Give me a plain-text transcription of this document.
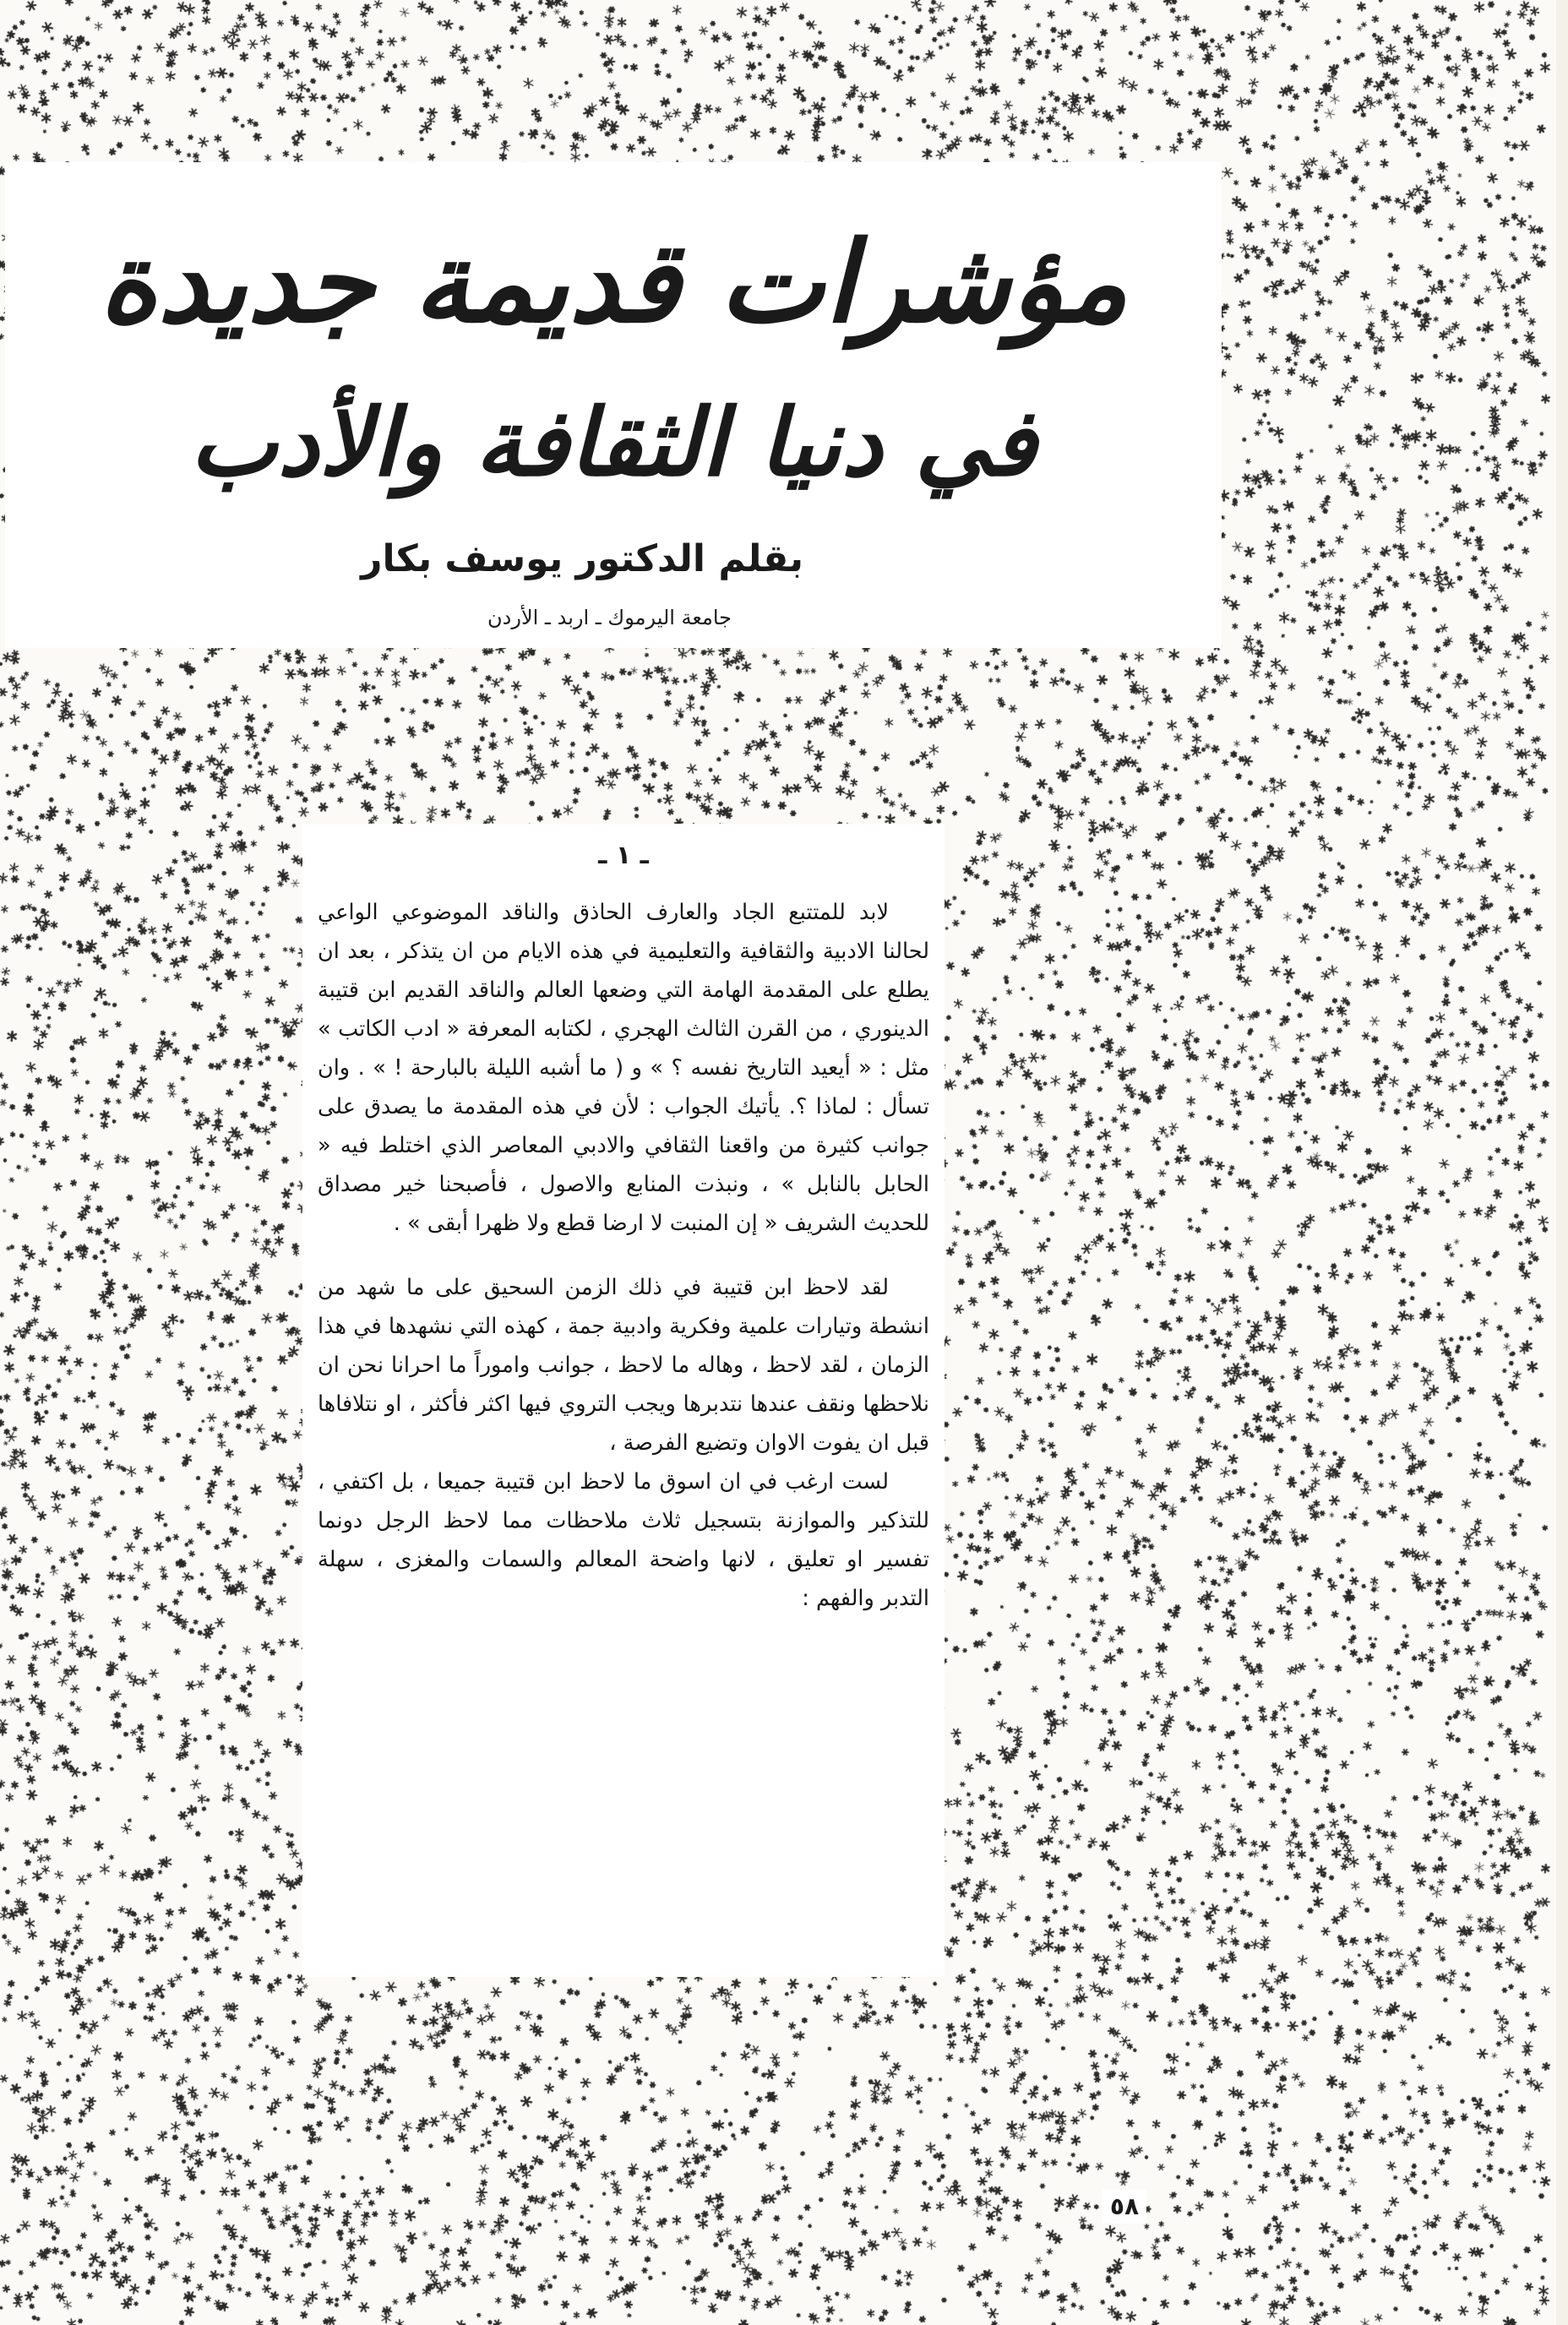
مؤشرات قديمة جديدة
في دنيا الثقافة والأدب
بقلم الدكتور يوسف بكار
جامعة اليرموك ـ اربد ـ الأردن
ـ ١ ـ

لابد للمتتبع الجاد والعارف الحاذق والناقد الموضوعي الواعي لحالنا الادبية والثقافية والتعليمية في هذه الايام من ان يتذكر ، بعد ان يطلع على المقدمة الهامة التي وضعها العالم والناقد القديم ابن قتيبة الدينوري ، من القرن الثالث الهجري ، لكتابه المعرفة « ادب الكاتب » مثل : « أيعيد التاريخ نفسه ؟ » و ( ما أشبه الليلة بالبارحة ! » . وان تسأل : لماذا ؟. يأتيك الجواب : لأن في هذه المقدمة ما يصدق على جوانب كثيرة من واقعنا الثقافي والادبي المعاصر الذي اختلط فيه « الحابل بالنابل » ، ونبذت المنابع والاصول ، فأصبحنا خير مصداق للحديث الشريف « إن المنبت لا ارضا قطع ولا ظهرا أبقى » .

لقد لاحظ ابن قتيبة في ذلك الزمن السحيق على ما شهد من انشطة وتيارات علمية وفكرية وادبية جمة ، كهذه التي نشهدها في هذا الزمان ، لقد لاحظ ، وهاله ما لاحظ ، جوانب واموراً ما احرانا نحن ان نلاحظها ونقف عندها نتدبرها ويجب التروي فيها اكثر فأكثر ، او نتلافاها قبل ان يفوت الاوان وتضيع الفرصة ،

لست ارغب في ان اسوق ما لاحظ ابن قتيبة جميعا ، بل اكتفي ، للتذكير والموازنة بتسجيل ثلاث ملاحظات مما لاحظ الرجل دونما تفسير او تعليق ، لانها واضحة المعالم والسمات والمغزى ، سهلة التدبر والفهم :

٥٨
